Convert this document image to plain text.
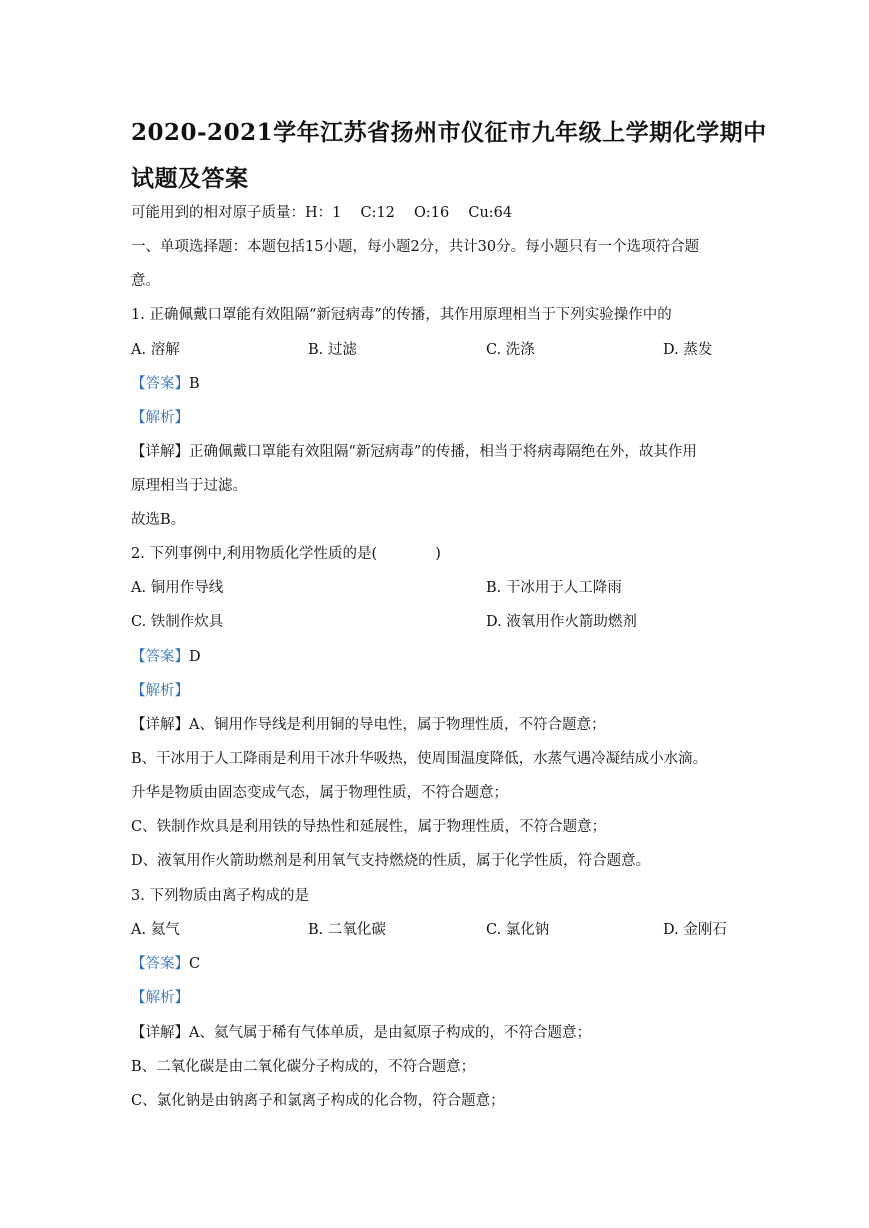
2020-2021学年江苏省扬州市仪征市九年级上学期化学期中
试题及答案
可能用到的相对原子质量：H：1　 C:12　 O:16　 Cu:64
一、单项选择题：本题包括15小题，每小题2分，共计30分。每小题只有一个选项符合题
意。
1. 正确佩戴口罩能有效阻隔“新冠病毒”的传播，其作用原理相当于下列实验操作中的
A. 溶解	B. 过滤	C. 洗涤	D. 蒸发
【答案】B
【解析】
【详解】正确佩戴口罩能有效阻隔“新冠病毒”的传播，相当于将病毒隔绝在外，故其作用
原理相当于过滤。
故选B。
2. 下列事例中,利用物质化学性质的是(　　　　)
A. 铜用作导线	B. 干冰用于人工降雨
C. 铁制作炊具	D. 液氧用作火箭助燃剂
【答案】D
【解析】
【详解】A、铜用作导线是利用铜的导电性，属于物理性质，不符合题意；
B、干冰用于人工降雨是利用干冰升华吸热，使周围温度降低，水蒸气遇冷凝结成小水滴。
升华是物质由固态变成气态，属于物理性质，不符合题意；
C、铁制作炊具是利用铁的导热性和延展性，属于物理性质，不符合题意；
D、液氧用作火箭助燃剂是利用氧气支持燃烧的性质，属于化学性质，符合题意。
3. 下列物质由离子构成的是
A. 氦气	B. 二氧化碳	C. 氯化钠	D. 金刚石
【答案】C
【解析】
【详解】A、氦气属于稀有气体单质，是由氦原子构成的，不符合题意；
B、二氧化碳是由二氧化碳分子构成的，不符合题意；
C、氯化钠是由钠离子和氯离子构成的化合物，符合题意；
